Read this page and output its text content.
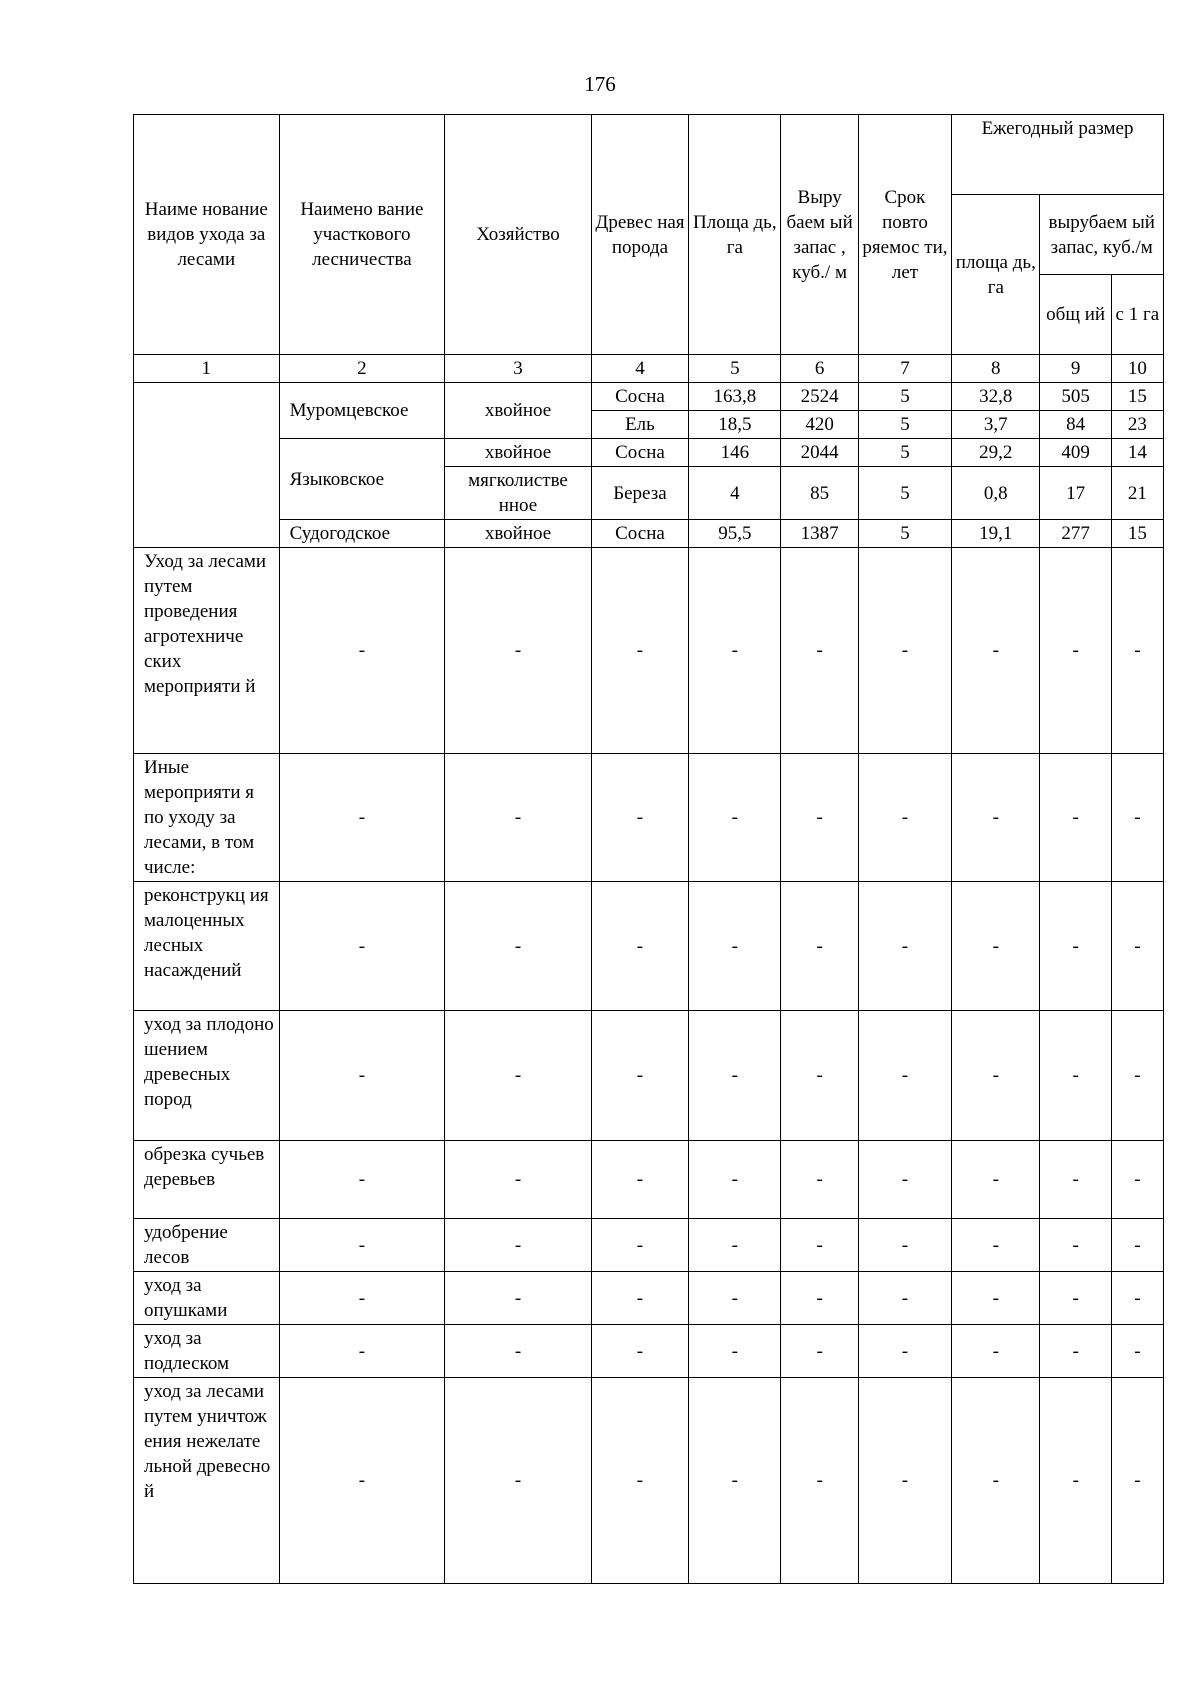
176
Наиме нование видов ухода за лесами	Наимено вание участкового лесничества	Хозяйство	Древес ная порода	Площа дь, га	Выру баем ый запас , куб./ м	Срок повто ряемос ти, лет	Ежегодный размер		
							площа дь, га	вырубаем ый запас, куб./м	
								общ ий	с 1 га
1	2	3	4	5	6	7	8	9	10
	Муромцевское	хвойное	Сосна	163,8	2524	5	32,8	505	15
			Ель	18,5	420	5	3,7	84	23
	Языковское	хвойное	Сосна	146	2044	5	29,2	409	14
		мягколистве нное	Береза	4	85	5	0,8	17	21
	Судогодское	хвойное	Сосна	95,5	1387	5	19,1	277	15
Уход за лесами путем проведения агротехниче ских мероприяти й	-	-	-	-	-	-	-	-	-
Иные мероприяти я по уходу за лесами, в том числе:	-	-	-	-	-	-	-	-	-
реконструкц ия малоценных лесных насаждений	-	-	-	-	-	-	-	-	-
уход за плодоно шением древесных пород	-	-	-	-	-	-	-	-	-
обрезка сучьев деревьев	-	-	-	-	-	-	-	-	-
удобрение лесов	-	-	-	-	-	-	-	-	-
уход за опушками	-	-	-	-	-	-	-	-	-
уход за подлеском	-	-	-	-	-	-	-	-	-
уход за лесами путем уничтож ения нежелате льной древесно й	-	-	-	-	-	-	-	-	-
